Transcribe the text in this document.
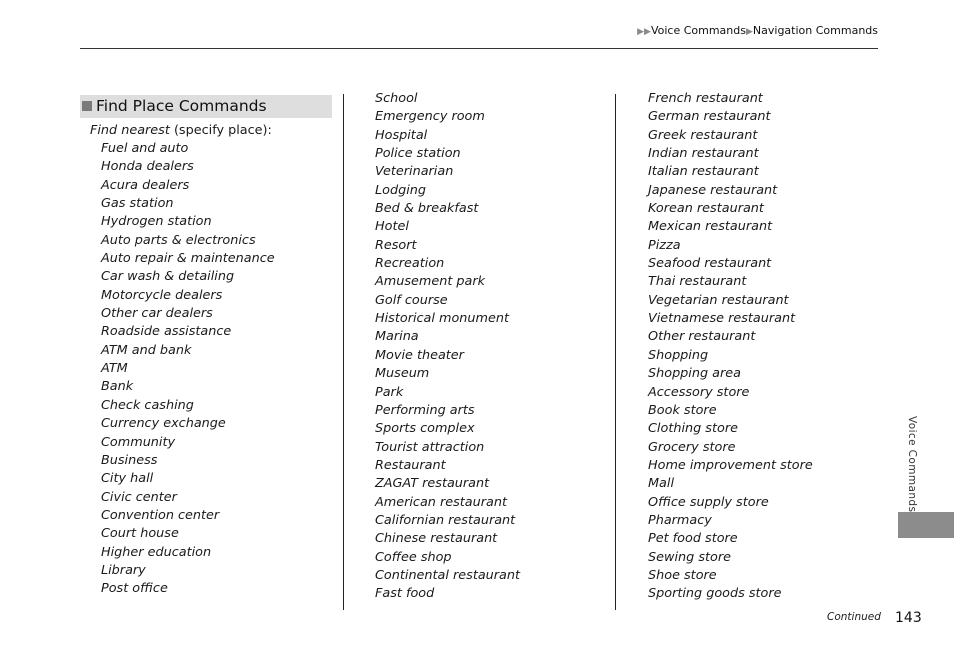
▶▶Voice Commands▶Navigation Commands
Find Place Commands
Find nearest (specify place):
Fuel and auto
Honda dealers
Acura dealers
Gas station
Hydrogen station
Auto parts & electronics
Auto repair & maintenance
Car wash & detailing
Motorcycle dealers
Other car dealers
Roadside assistance
ATM and bank
ATM
Bank
Check cashing
Currency exchange
Community
Business
City hall
Civic center
Convention center
Court house
Higher education
Library
Post office
School
Emergency room
Hospital
Police station
Veterinarian
Lodging
Bed & breakfast
Hotel
Resort
Recreation
Amusement park
Golf course
Historical monument
Marina
Movie theater
Museum
Park
Performing arts
Sports complex
Tourist attraction
Restaurant
ZAGAT restaurant
American restaurant
Californian restaurant
Chinese restaurant
Coffee shop
Continental restaurant
Fast food
French restaurant
German restaurant
Greek restaurant
Indian restaurant
Italian restaurant
Japanese restaurant
Korean restaurant
Mexican restaurant
Pizza
Seafood restaurant
Thai restaurant
Vegetarian restaurant
Vietnamese restaurant
Other restaurant
Shopping
Shopping area
Accessory store
Book store
Clothing store
Grocery store
Home improvement store
Mall
Office supply store
Pharmacy
Pet food store
Sewing store
Shoe store
Sporting goods store
Voice Commands
Continued 143
